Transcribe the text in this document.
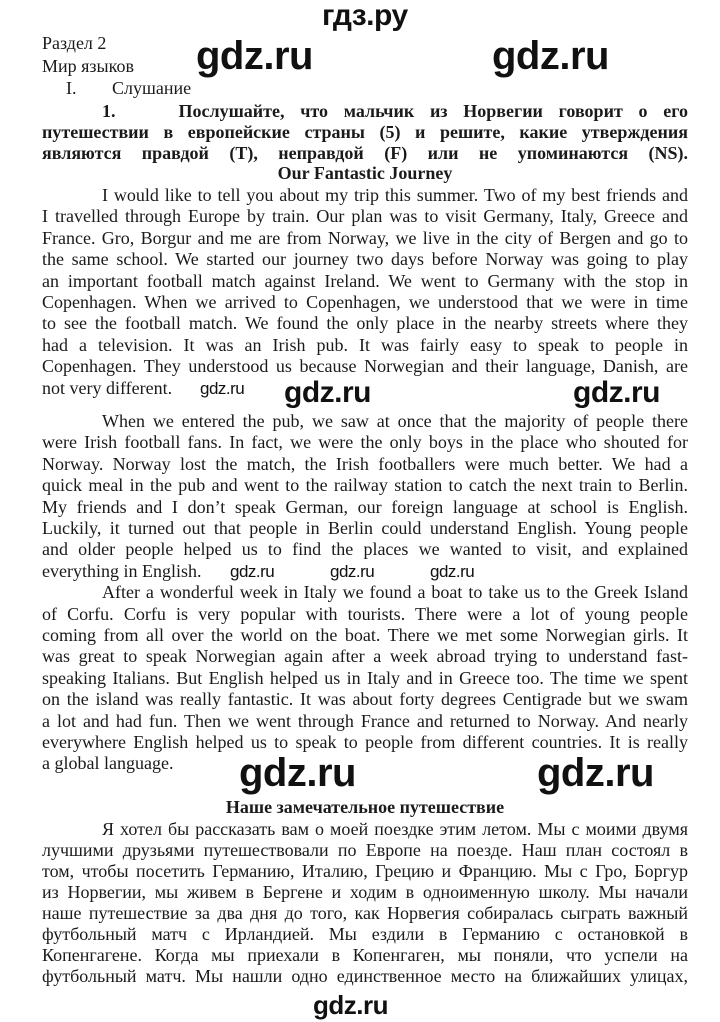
гдз.ру
Раздел 2
Мир языков
I. Слушание
1.    Послушайте, что мальчик из Норвегии говорит о его
путешествии в европейские страны (5) и решите, какие утверждения
являются правдой (T), неправдой (F) или не упоминаются (NS).
Our Fantastic Journey
I would like to tell you about my trip this summer. Two of my best friends and
I travelled through Europe by train. Our plan was to visit Germany, Italy, Greece and
France. Gro, Borgur and me are from Norway, we live in the city of Bergen and go to
the same school. We started our journey two days before Norway was going to play
an important football match against Ireland. We went to Germany with the stop in
Copenhagen. When we arrived to Copenhagen, we understood that we were in time
to see the football match. We found the only place in the nearby streets where they
had a television. It was an Irish pub. It was fairly easy to speak to people in
Copenhagen. They understood us because Norwegian and their language, Danish, are
not very different.
When we entered the pub, we saw at once that the majority of people there
were Irish football fans. In fact, we were the only boys in the place who shouted for
Norway. Norway lost the match, the Irish footballers were much better. We had a
quick meal in the pub and went to the railway station to catch the next train to Berlin.
My friends and I don’t speak German, our foreign language at school is English.
Luckily, it turned out that people in Berlin could understand English. Young people
and older people helped us to find the places we wanted to visit, and explained
everything in English.
After a wonderful week in Italy we found a boat to take us to the Greek Island
of Corfu. Corfu is very popular with tourists. There were a lot of young people
coming from all over the world on the boat. There we met some Norwegian girls. It
was great to speak Norwegian again after a week abroad trying to understand fast-
speaking Italians. But English helped us in Italy and in Greece too. The time we spent
on the island was really fantastic. It was about forty degrees Centigrade but we swam
a lot and had fun. Then we went through France and returned to Norway. And nearly
everywhere English helped us to speak to people from different countries. It is really
a global language.
Наше замечательное путешествие
Я хотел бы рассказать вам о моей поездке этим летом. Мы с моими двумя
лучшими друзьями путешествовали по Европе на поезде. Наш план состоял в
том, чтобы посетить Германию, Италию, Грецию и Францию. Мы с Гро, Боргур
из Норвегии, мы живем в Бергене и ходим в одноименную школу. Мы начали
наше путешествие за два дня до того, как Норвегия собиралась сыграть важный
футбольный матч с Ирландией. Мы ездили в Германию с остановкой в
Копенгагене. Когда мы приехали в Копенгаген, мы поняли, что успели на
футбольный матч. Мы нашли одно единственное место на ближайших улицах,
gdz.ru	gdz.ru
gdz.ru gdz.ru	gdz.ru
gdz.ru	gdz.ru	gdz.ru
gdz.ru	gdz.ru
gdz.ru
